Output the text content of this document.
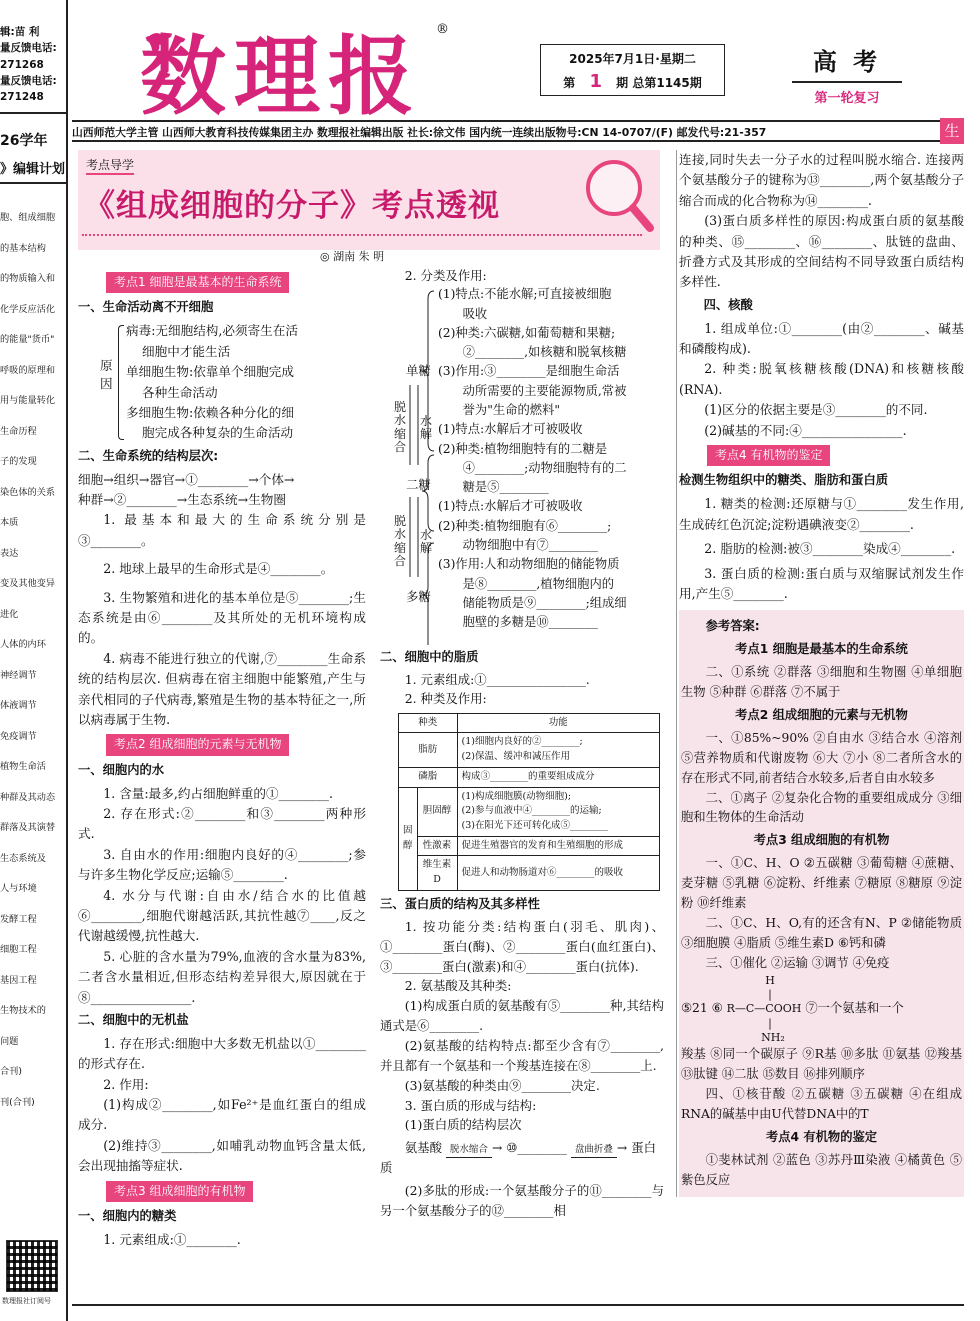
辑:苗 利
量反馈电话:
271268
量反馈电话:
271248
26学年
》编辑计划
胞、组成细胞
的基本结构
的物质输入和
化学反应活化
的能量"货币"
呼吸的原理和
用与能量转化
生命历程
子的发现
染色体的关系
本质
表达
变及其他变异
进化
人体的内环
神经调节
体液调节
免疫调节
植物生命活
种群及其动态
群落及其演替
生态系统及
人与环境
发酵工程
细胞工程
基因工程
生物技术的
问题
合刊)
刊(合刊)
数理报社订阅号
数理报 ®
2025年7月1日·星期二
第 1 期 总第1145期
高 考
第一轮复习
山西师范大学主管 山西师大教育科技传媒集团主办 数理报社编辑出版 社长:徐文伟 国内统一连续出版物号:CN 14-0707/(F) 邮发代号:21-357	生
考点导学
《组成细胞的分子》考点透视
◎ 湖南 朱 明
考点1 细胞是最基本的生命系统
一、生命活动离不开细胞
原因

病毒:无细胞结构,必须寄生在活

细胞中才能生活

单细胞生物:依靠单个细胞完成

各种生命活动

多细胞生物:依赖各种分化的细

胞完成各种复杂的生命活动

二、生命系统的结构层次:

细胞→组织→器官→①________→个体→

种群→②________→生态系统→生物圈

1. 最基本和最大的生命系统分别是③________。

2. 地球上最早的生命形式是④________。

3. 生物繁殖和进化的基本单位是⑤________;生态系统是由⑥________及其所处的无机环境构成的。

4. 病毒不能进行独立的代谢,⑦________生命系统的结构层次. 但病毒在宿主细胞中能繁殖,产生与亲代相同的子代病毒,繁殖是生物的基本特征之一,所以病毒属于生物.

考点2 组成细胞的元素与无机物
一、细胞内的水

1. 含量:最多,约占细胞鲜重的①________.

2. 存在形式:②________和③________两种形式.

3. 自由水的作用:细胞内良好的④________;参与许多生物化学反应;运输⑤________.

4. 水分与代谢:自由水/结合水的比值越⑥________,细胞代谢越活跃,其抗性越⑦____,反之代谢越缓慢,抗性越大.

5. 心脏的含水量为79%,血液的含水量为83%,二者含水量相近,但形态结构差异很大,原因就在于⑧________________.

二、细胞中的无机盐

1. 存在形式:细胞中大多数无机盐以①________的形式存在.

2. 作用:

(1)构成②________,如Fe²⁺是血红蛋白的组成成分.

(2)维持③________,如哺乳动物血钙含量太低,会出现抽搐等症状.

考点3 组成细胞的有机物
一、细胞内的糖类

1. 元素组成:①________.

2. 分类及作用:

单糖
二糖
多糖
脱水缩合
水解
脱水缩合
水解

(1)特点:不能水解;可直接被细胞

吸收

(2)种类:六碳糖,如葡萄糖和果糖;

②________,如核糖和脱氧核糖

(3)作用:③________是细胞生命活

动所需要的主要能源物质,常被

誉为"生命的燃料"

(1)特点:水解后才可被吸收

(2)种类:植物细胞特有的二糖是

④________;动物细胞特有的二

糖是⑤________

(1)特点:水解后才可被吸收

(2)种类:植物细胞有⑥________;

动物细胞中有⑦________

(3)作用:人和动物细胞的储能物质

是⑧________,植物细胞内的

储能物质是⑨________;组成细

胞壁的多糖是⑩________

二、细胞中的脂质

1. 元素组成:①________________.

2. 种类及作用:

种类		功能
脂肪		(1)细胞内良好的②________;
(2)保温、缓冲和减压作用

磷脂		构成③________的重要组成成分
固醇	胆固醇	(1)构成细胞膜(动物细胞);
(2)参与血液中④________的运输;
(3)在阳光下还可转化成⑤________

	性激素	促进生殖器官的发育和生殖细胞的形成
	维生素D	促进人和动物肠道对⑥________的吸收
三、蛋白质的结构及其多样性

1. 按功能分类:结构蛋白(羽毛、肌肉)、①________蛋白(酶)、②________蛋白(血红蛋白)、③________蛋白(激素)和④________蛋白(抗体).

2. 氨基酸及其种类:

(1)构成蛋白质的氨基酸有⑤________种,其结构通式是⑥________.

(2)氨基酸的结构特点:都至少含有⑦________,并且都有一个氨基和一个羧基连接在⑧________上.

(3)氨基酸的种类由⑨________决定.

3. 蛋白质的形成与结构:

(1)蛋白质的结构层次

氨基酸 脱水缩合 → ⑩________ 盘曲折叠 → 蛋白质

(2)多肽的形成:一个氨基酸分子的⑪________与另一个氨基酸分子的⑫________相

连接,同时失去一分子水的过程叫脱水缩合. 连接两个氨基酸分子的键称为⑬________,两个氨基酸分子缩合而成的化合物称为⑭________.

(3)蛋白质多样性的原因:构成蛋白质的氨基酸的种类、⑮________、⑯________、肽链的盘曲、折叠方式及其形成的空间结构不同导致蛋白质结构多样性.

四、核酸

1. 组成单位:①________(由②________、碱基和磷酸构成).

2. 种类:脱氧核糖核酸(DNA)和核糖核酸(RNA).

(1)区分的依据主要是③________的不同.

(2)碱基的不同:④________________.

考点4 有机物的鉴定
检测生物组织中的糖类、脂肪和蛋白质

1. 糖类的检测:还原糖与①________发生作用,生成砖红色沉淀;淀粉遇碘液变②________.

2. 脂肪的检测:被③________染成④________.

3. 蛋白质的检测:蛋白质与双缩脲试剂发生作用,产生⑤________.

参考答案:
考点1 细胞是最基本的生命系统

二、①系统 ②群落 ③细胞和生物圈 ④单细胞生物 ⑤种群 ⑥群落 ⑦不属于

考点2 组成细胞的元素与无机物

一、①85%~90% ②自由水 ③结合水 ④溶剂 ⑤营养物质和代谢废物 ⑥大 ⑦小 ⑧二者所含水的存在形式不同,前者结合水较多,后者自由水较多

二、①离子 ②复杂化合物的重要组成成分 ③细胞和生物体的生命活动

考点3 组成细胞的有机物

一、①C、H、O ②五碳糖 ③葡萄糖 ④蔗糖、麦芽糖 ⑤乳糖 ⑥淀粉、纤维素 ⑦糖原 ⑧糖原 ⑨淀粉 ⑩纤维素

二、①C、H、O,有的还含有N、P ②储能物质 ③细胞膜 ④脂质 ⑤维生素D ⑥钙和磷

三、①催化 ②运输 ③调节 ④免疫

⑤21 ⑥
H
|
R—C—COOH
|
NH₂
⑦一个氨基和一个

羧基 ⑧同一个碳原子 ⑨R基 ⑩多肽 ⑪氨基 ⑫羧基 ⑬肽键 ⑭二肽 ⑮数目 ⑯排列顺序

四、①核苷酸 ②五碳糖 ③五碳糖 ④在组成RNA的碱基中由U代替DNA中的T

考点4 有机物的鉴定

①斐林试剂 ②蓝色 ③苏丹Ⅲ染液 ④橘黄色 ⑤紫色反应
